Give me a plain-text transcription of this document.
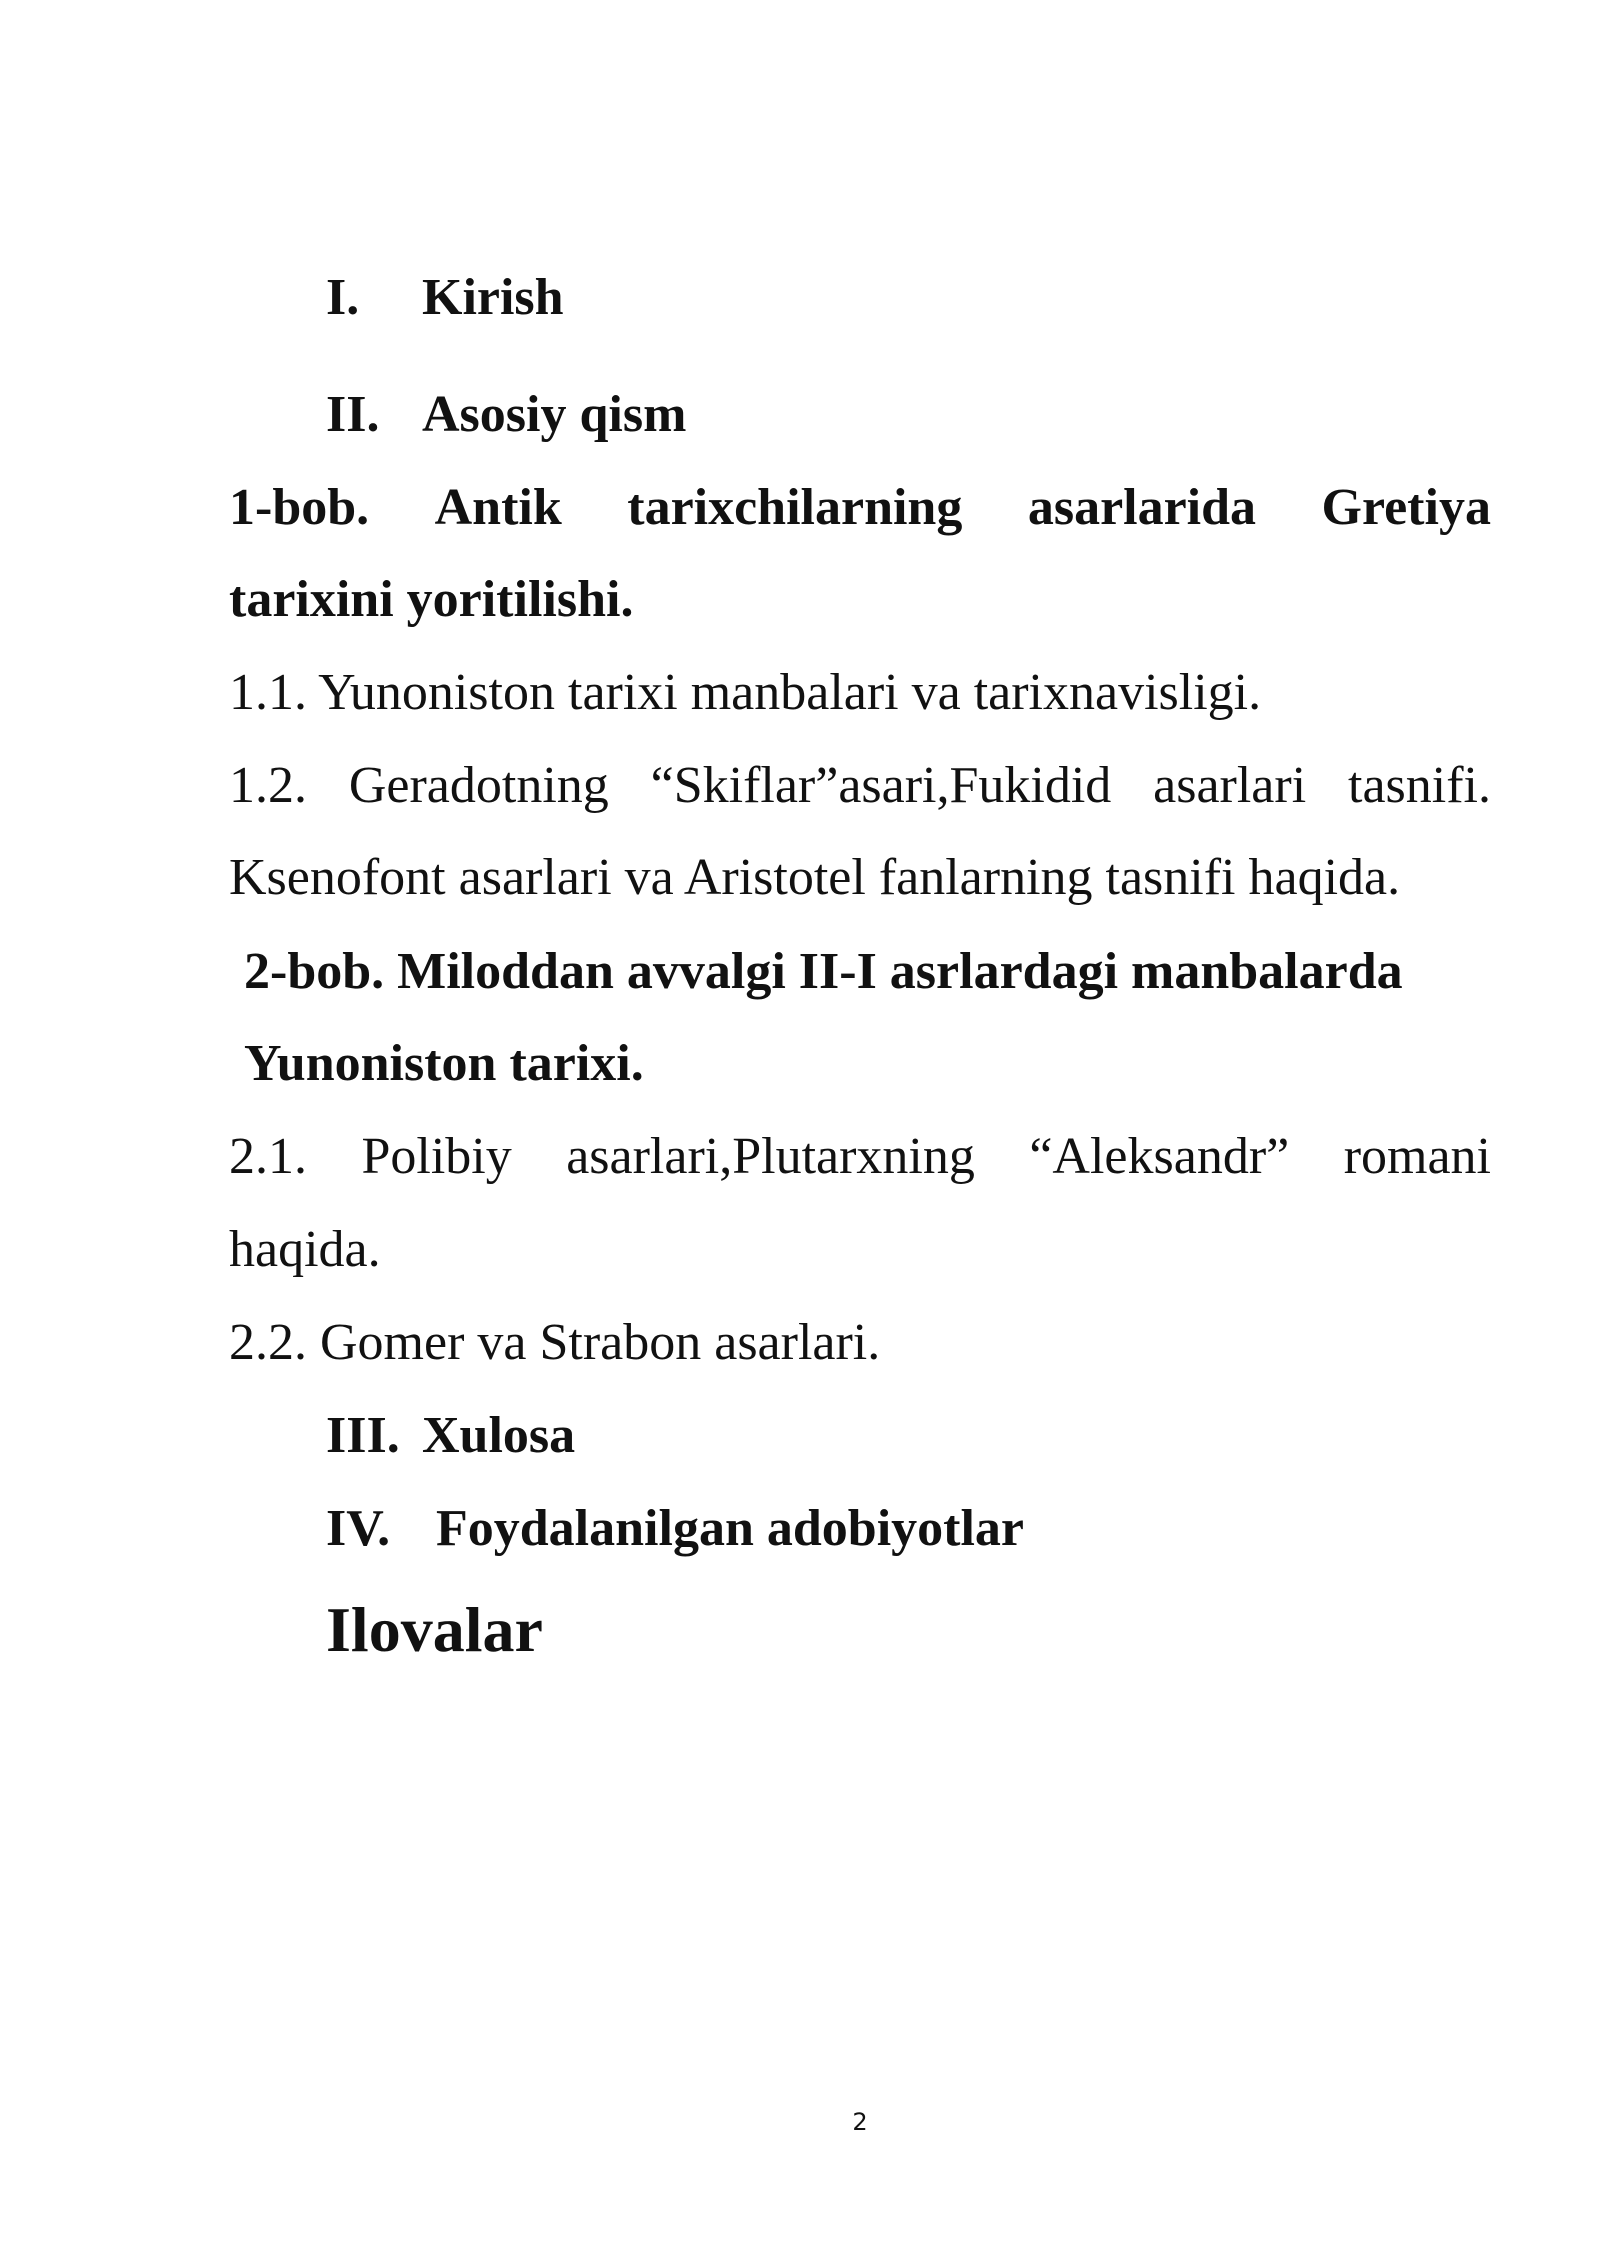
I. Kirish
II. Asosiy qism
1-bob. Antik tarixchilarning asarlarida Gretiya
tarixini yoritilishi.
1.1. Yunoniston tarixi manbalari va tarixnavisligi.
1.2. Geradotning “Skiflar”asari,Fukidid asarlari tasnifi.
Ksenofont asarlari va Aristotel fanlarning tasnifi haqida.
2-bob. Miloddan avvalgi II-I asrlardagi manbalarda
Yunoniston tarixi.
2.1. Polibiy asarlari,Plutarxning “Aleksandr” romani
haqida.
2.2. Gomer va Strabon asarlari.
III. Xulosa
IV. Foydalanilgan adobiyotlar
Ilovalar
2
